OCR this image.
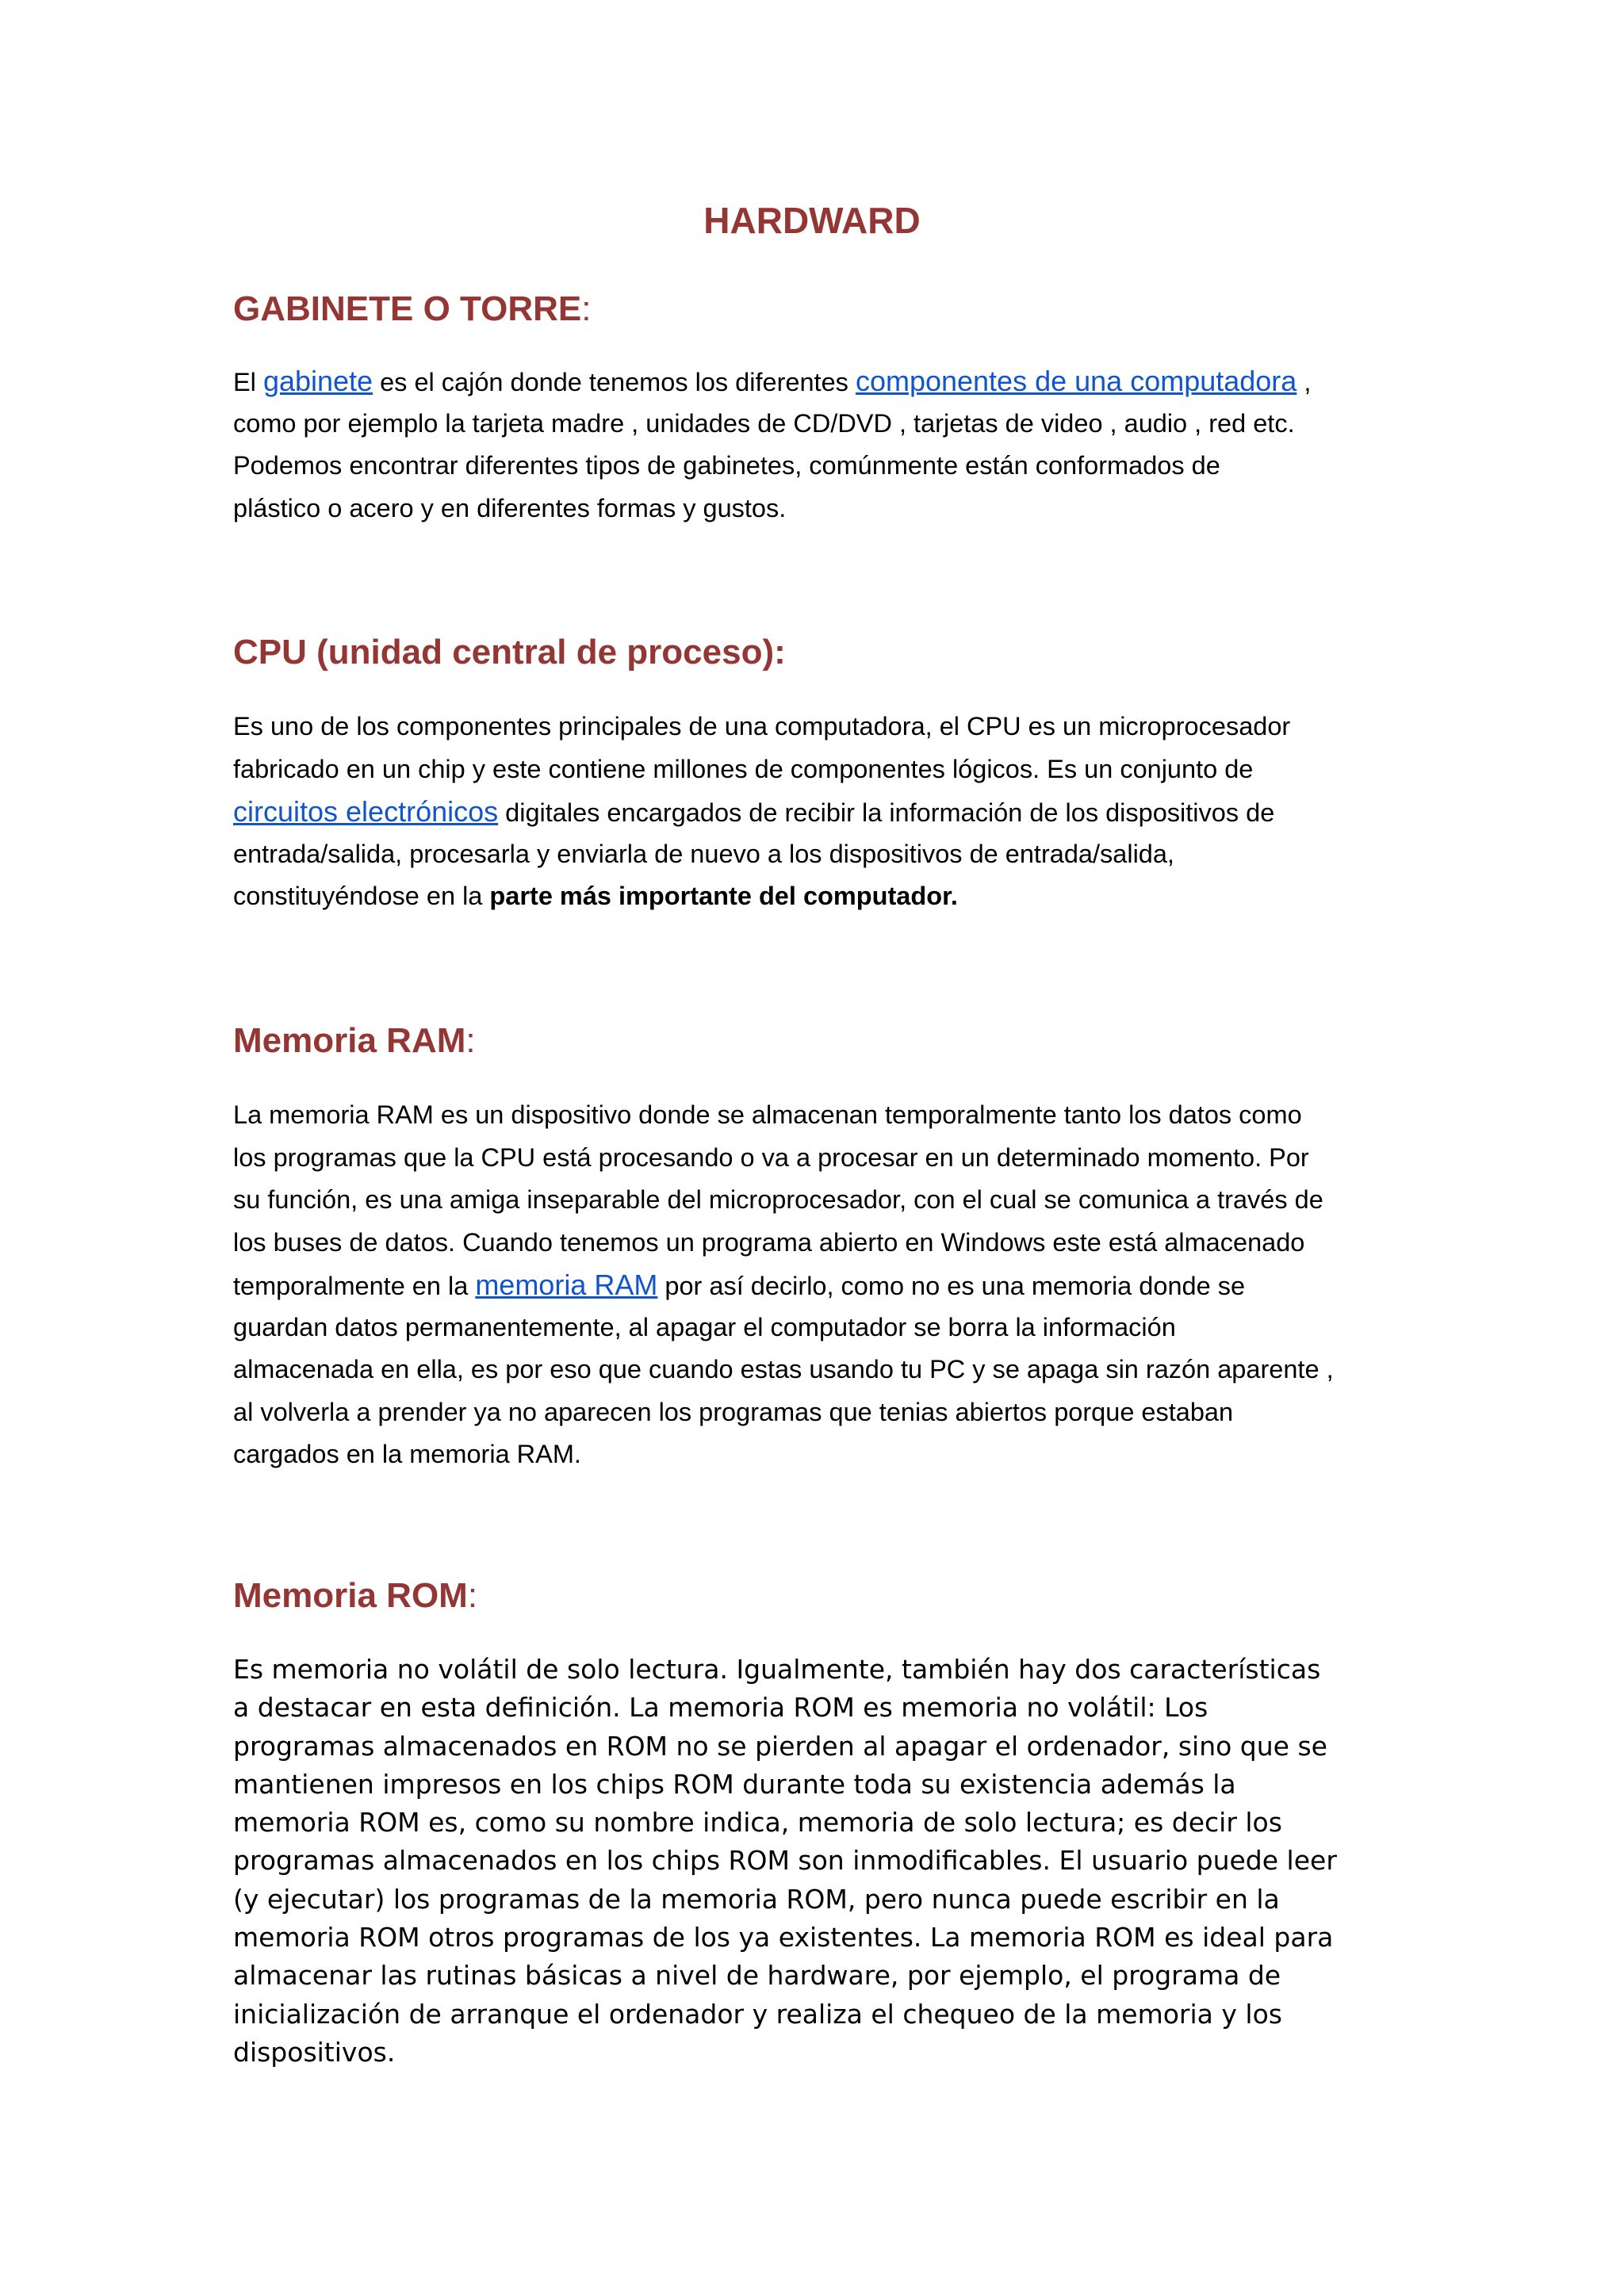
HARDWARD
GABINETE O TORRE:
El gabinete es el cajón donde tenemos los diferentes componentes de una computadora ,
como por ejemplo la tarjeta madre , unidades de CD/DVD , tarjetas de video , audio , red etc.
Podemos encontrar diferentes tipos de gabinetes, comúnmente están conformados de
plástico o acero y en diferentes formas y gustos.
CPU (unidad central de proceso):
Es uno de los componentes principales de una computadora, el CPU es un microprocesador
fabricado en un chip y este contiene millones de componentes lógicos. Es un conjunto de
circuitos electrónicos digitales encargados de recibir la información de los dispositivos de
entrada/salida, procesarla y enviarla de nuevo a los dispositivos de entrada/salida,
constituyéndose en la parte más importante del computador.
Memoria RAM:
La memoria RAM es un dispositivo donde se almacenan temporalmente tanto los datos como
los programas que la CPU está procesando o va a procesar en un determinado momento. Por
su función, es una amiga inseparable del microprocesador, con el cual se comunica a través de
los buses de datos. Cuando tenemos un programa abierto en Windows este está almacenado
temporalmente en la memoria RAM por así decirlo, como no es una memoria donde se
guardan datos permanentemente, al apagar el computador se borra la información
almacenada en ella, es por eso que cuando estas usando tu PC y se apaga sin razón aparente ,
al volverla a prender ya no aparecen los programas que tenias abiertos porque estaban
cargados en la memoria RAM.
Memoria ROM:
Es memoria no volátil de solo lectura. Igualmente, también hay dos características
a destacar en esta definición. La memoria ROM es memoria no volátil: Los
programas almacenados en ROM no se pierden al apagar el ordenador, sino que se
mantienen impresos en los chips ROM durante toda su existencia además la
memoria ROM es, como su nombre indica, memoria de solo lectura; es decir los
programas almacenados en los chips ROM son inmodificables. El usuario puede leer
(y ejecutar) los programas de la memoria ROM, pero nunca puede escribir en la
memoria ROM otros programas de los ya existentes. La memoria ROM es ideal para
almacenar las rutinas básicas a nivel de hardware, por ejemplo, el programa de
inicialización de arranque el ordenador y realiza el chequeo de la memoria y los
dispositivos.
